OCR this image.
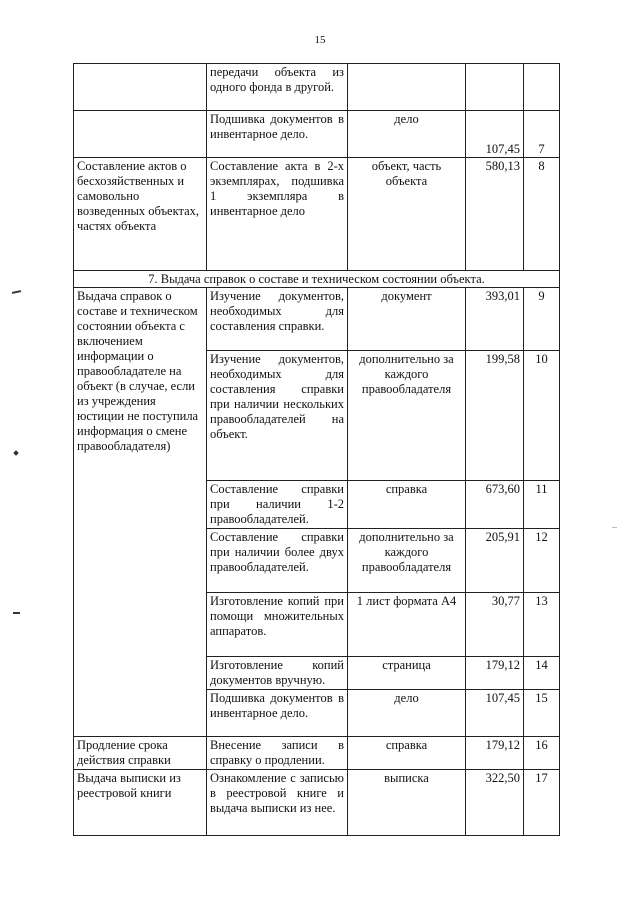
15
	передачи объекта из одного фонда в другой.			
	Подшивка документов в инвентарное дело.	дело	107,45	7
Составление актов о бесхозяйственных и самовольно возведенных объектах, частях объекта	Составление акта в 2-х экземплярах, подшивка 1 экземпляра в инвентарное дело	объект, часть объекта	580,13	8
7. Выдача справок о составе и техническом состоянии объекта.				
Выдача справок о составе и техническом состоянии объекта с включением информации о правообладателе на объект (в случае, если из учреждения юстиции не поступила информация о смене правообладателя)	Изучение документов, необходимых для составления справки.	документ	393,01	9
	Изучение документов, необходимых для составления справки при наличии нескольких правообладателей на объект.	дополнительно за каждого правообладателя	199,58	10
	Составление справки при наличии 1-2 правообладателей.	справка	673,60	11
	Составление справки при наличии более двух правообладателей.	дополнительно за каждого правообладателя	205,91	12
	Изготовление копий при помощи множительных аппаратов.	1 лист формата А4	30,77	13
	Изготовление копий документов вручную.	страница	179,12	14
	Подшивка документов в инвентарное дело.	дело	107,45	15
Продление срока действия справки	Внесение записи в справку о продлении.	справка	179,12	16
Выдача выписки из реестровой книги	Ознакомление с записью в реестровой книге и выдача выписки из нее.	выписка	322,50	17
